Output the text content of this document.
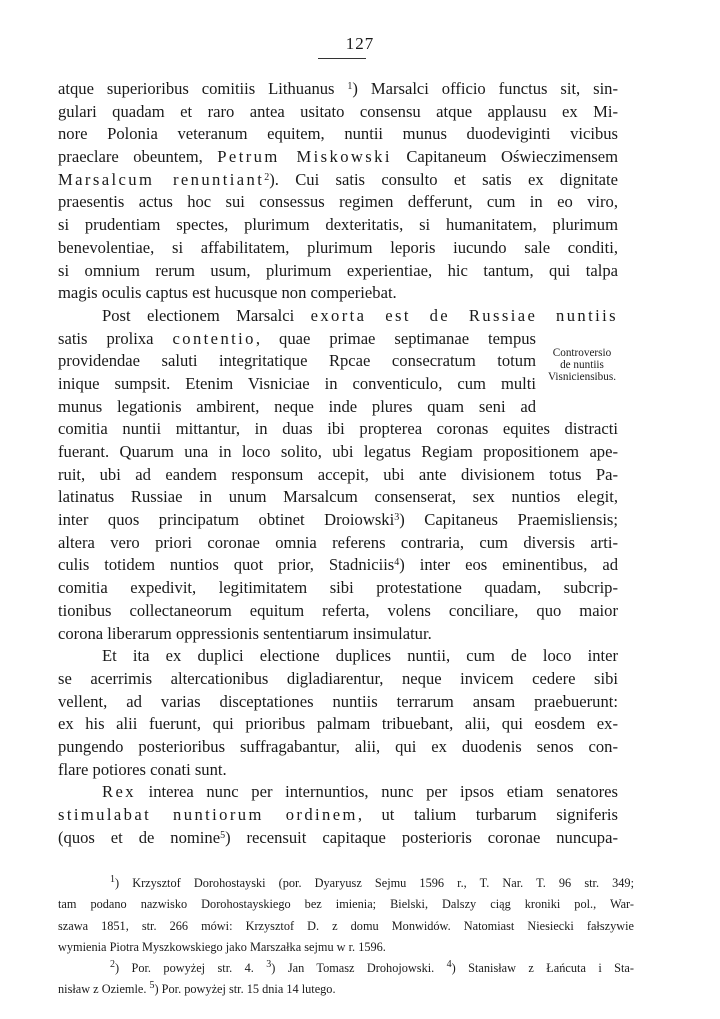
127
atque superioribus comitiis Lithuanus $^1$) Marsalci officio functus sit, sin-
gulari quadam et raro antea usitato consensu atque applausu ex Mi-
nore Polonia veteranum equitem, nuntii munus duodeviginti vicibus
praeclare obeuntem, Petrum Miskowski Capitaneum Oświeczimensem
Marsalcum renuntiant$^2$). Cui satis consulto et satis ex dignitate
praesentis actus hoc sui consessus regimen defferunt, cum in eo viro,
si prudentiam spectes, plurimum dexteritatis, si humanitatem, plurimum
benevolentiae, si affabilitatem, plurimum leporis iucundo sale conditi,
si omnium rerum usum, plurimum experientiae, hic tantum, qui talpa
magis oculis captus est hucusque non comperiebat.
Post electionem Marsalci exorta est de Russiae nuntiis
satis prolixa contentio, quae primae septimanae tempus
providendae saluti integritatique Rpcae consecratum totum
inique sumpsit. Etenim Visniciae in conventiculo, cum multi
munus legationis ambirent, neque inde plures quam seni ad
comitia nuntii mittantur, in duas ibi propterea coronas equites distracti
fuerant. Quarum una in loco solito, ubi legatus Regiam propositionem ape-
ruit, ubi ad eandem responsum accepit, ubi ante divisionem totus Pa-
latinatus Russiae in unum Marsalcum consenserat, sex nuntios elegit,
inter quos principatum obtinet Droiowski$^3$) Capitaneus Praemisliensis;
altera vero priori coronae omnia referens contraria, cum diversis arti-
culis totidem nuntios quot prior, Stadniciis$^4$) inter eos eminentibus, ad
comitia expedivit, legitimitatem sibi protestatione quadam, subcrip-
tionibus collectaneorum equitum referta, volens conciliare, quo maior
corona liberarum oppressionis sententiarum insimulatur.
Et ita ex duplici electione duplices nuntii, cum de loco inter
se acerrimis altercationibus digladiarentur, neque invicem cedere sibi
vellent, ad varias disceptationes nuntiis terrarum ansam praebuerunt:
ex his alii fuerunt, qui prioribus palmam tribuebant, alii, qui eosdem ex-
pungendo posterioribus suffragabantur, alii, qui ex duodenis senos con-
flare potiores conati sunt.
Rex interea nunc per internuntios, nunc per ipsos etiam senatores
stimulabat nuntiorum ordinem, ut talium turbarum signiferis
(quos et de nomine$^5$) recensuit capitaque posterioris coronae nuncupa-
Controversio
de nuntiis
Visniciensibus.
$^1$) Krzysztof Dorohostayski (por. Dyaryusz Sejmu 1596 r., T. Nar. T. 96 str. 349;
tam podano nazwisko Dorohostayskiego bez imienia; Bielski, Dalszy ciąg kroniki pol., War-
szawa 1851, str. 266 mówi: Krzysztof D. z domu Monwidów. Natomiast Niesiecki fałszywie
wymienia Piotra Myszkowskiego jako Marszałka sejmu w r. 1596.
$^2$) Por. powyżej str. 4. $^3$) Jan Tomasz Drohojowski. $^4$) Stanisław z Łańcuta i Sta-
nisław z Oziemle. $^5$) Por. powyżej str. 15 dnia 14 lutego.
